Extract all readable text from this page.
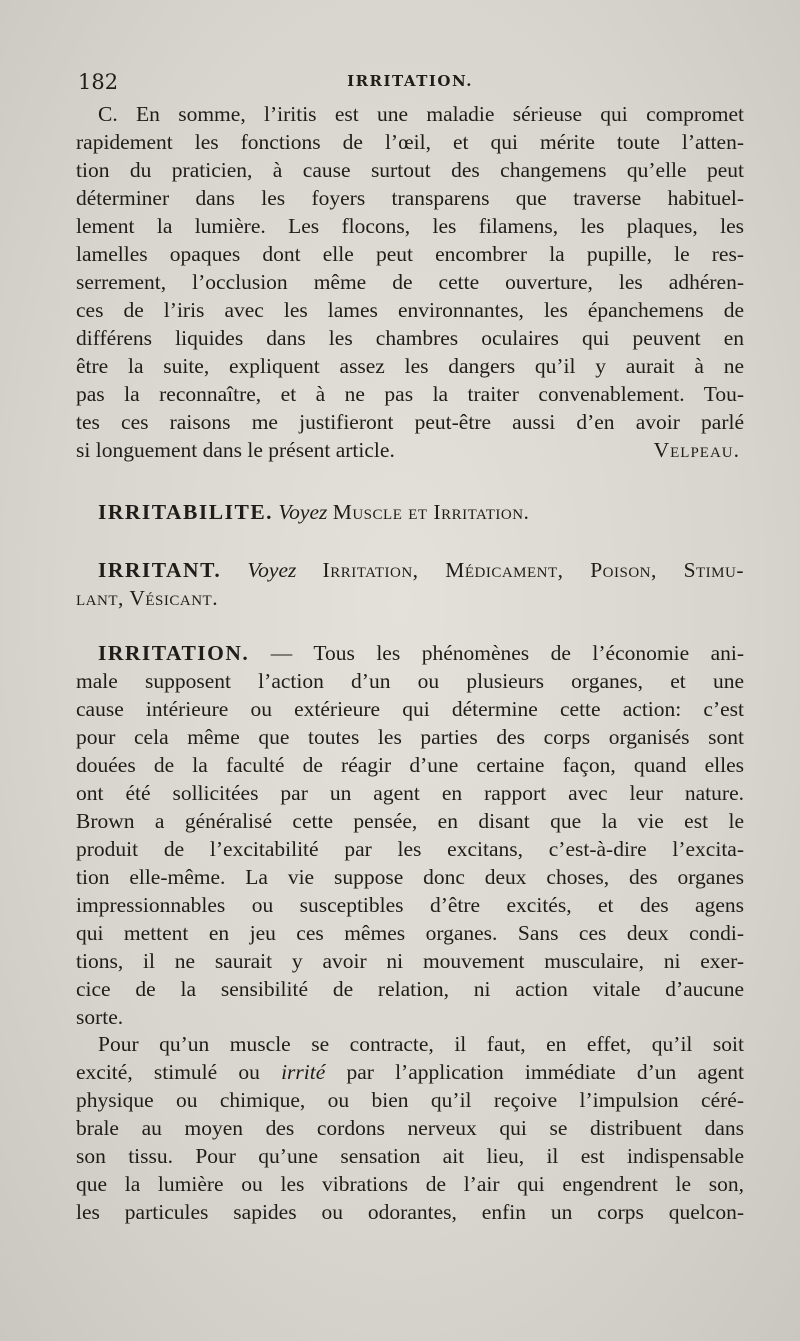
182	IRRITATION.
C. En somme, l’iritis est une maladie sérieuse qui compromet
rapidement les fonctions de l’œil, et qui mérite toute l’atten-
tion du praticien, à cause surtout des changemens qu’elle peut
déterminer dans les foyers transparens que traverse habituel-
lement la lumière. Les flocons, les filamens, les plaques, les
lamelles opaques dont elle peut encombrer la pupille, le res-
serrement, l’occlusion même de cette ouverture, les adhéren-
ces de l’iris avec les lames environnantes, les épanchemens de
différens liquides dans les chambres oculaires qui peuvent en
être la suite, expliquent assez les dangers qu’il y aurait à ne
pas la reconnaître, et à ne pas la traiter convenablement. Tou-
tes ces raisons me justifieront peut-être aussi d’en avoir parlé
si longuement dans le présent article.	Velpeau.
IRRITABILITE. Voyez Muscle et Irritation.
IRRITANT. Voyez Irritation, Médicament, Poison, Stimu-
lant, Vésicant.
IRRITATION. — Tous les phénomènes de l’économie ani-
male supposent l’action d’un ou plusieurs organes, et une
cause intérieure ou extérieure qui détermine cette action: c’est
pour cela même que toutes les parties des corps organisés sont
douées de la faculté de réagir d’une certaine façon, quand elles
ont été sollicitées par un agent en rapport avec leur nature.
Brown a généralisé cette pensée, en disant que la vie est le
produit de l’excitabilité par les excitans, c’est-à-dire l’excita-
tion elle-même. La vie suppose donc deux choses, des organes
impressionnables ou susceptibles d’être excités, et des agens
qui mettent en jeu ces mêmes organes. Sans ces deux condi-
tions, il ne saurait y avoir ni mouvement musculaire, ni exer-
cice de la sensibilité de relation, ni action vitale d’aucune
sorte.
Pour qu’un muscle se contracte, il faut, en effet, qu’il soit
excité, stimulé ou irrité par l’application immédiate d’un agent
physique ou chimique, ou bien qu’il reçoive l’impulsion céré-
brale au moyen des cordons nerveux qui se distribuent dans
son tissu. Pour qu’une sensation ait lieu, il est indispensable
que la lumière ou les vibrations de l’air qui engendrent le son,
les particules sapides ou odorantes, enfin un corps quelcon-
